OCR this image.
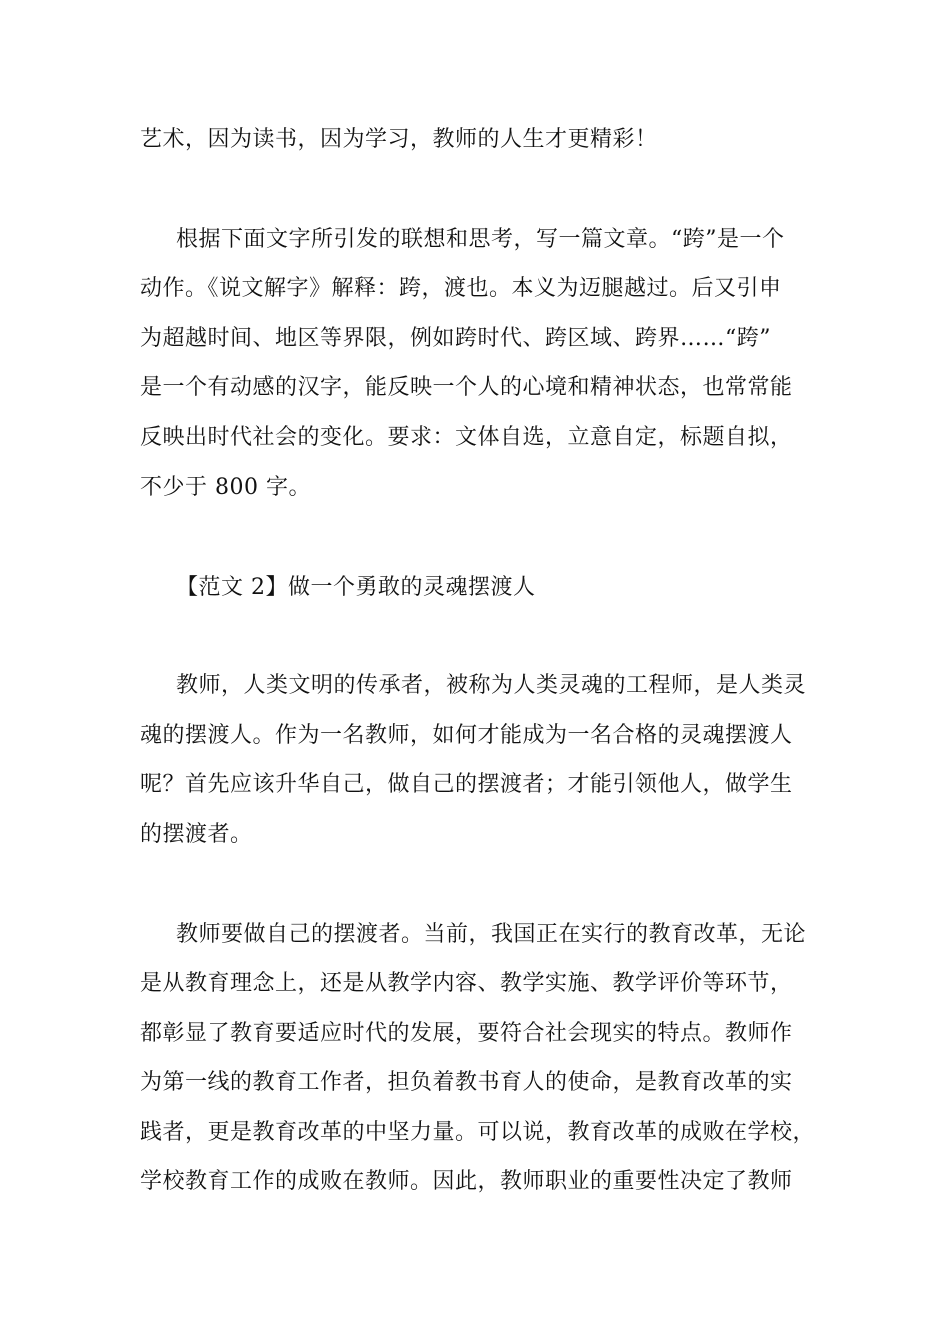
艺术，因为读书，因为学习，教师的人生才更精彩！
根据下面文字所引发的联想和思考，写一篇文章。“跨”是一个
动作。《说文解字》解释：跨，渡也。本义为迈腿越过。后又引申
为超越时间、地区等界限，例如跨时代、跨区域、跨界……“跨”
是一个有动感的汉字，能反映一个人的心境和精神状态，也常常能
反映出时代社会的变化。要求：文体自选，立意自定，标题自拟，
不少于 800 字。
【范文 2】做一个勇敢的灵魂摆渡人
教师，人类文明的传承者，被称为人类灵魂的工程师，是人类灵
魂的摆渡人。作为一名教师，如何才能成为一名合格的灵魂摆渡人
呢？首先应该升华自己，做自己的摆渡者；才能引领他人，做学生
的摆渡者。
教师要做自己的摆渡者。当前，我国正在实行的教育改革，无论
是从教育理念上，还是从教学内容、教学实施、教学评价等环节，
都彰显了教育要适应时代的发展，要符合社会现实的特点。教师作
为第一线的教育工作者，担负着教书育人的使命，是教育改革的实
践者，更是教育改革的中坚力量。可以说，教育改革的成败在学校，
学校教育工作的成败在教师。因此，教师职业的重要性决定了教师
